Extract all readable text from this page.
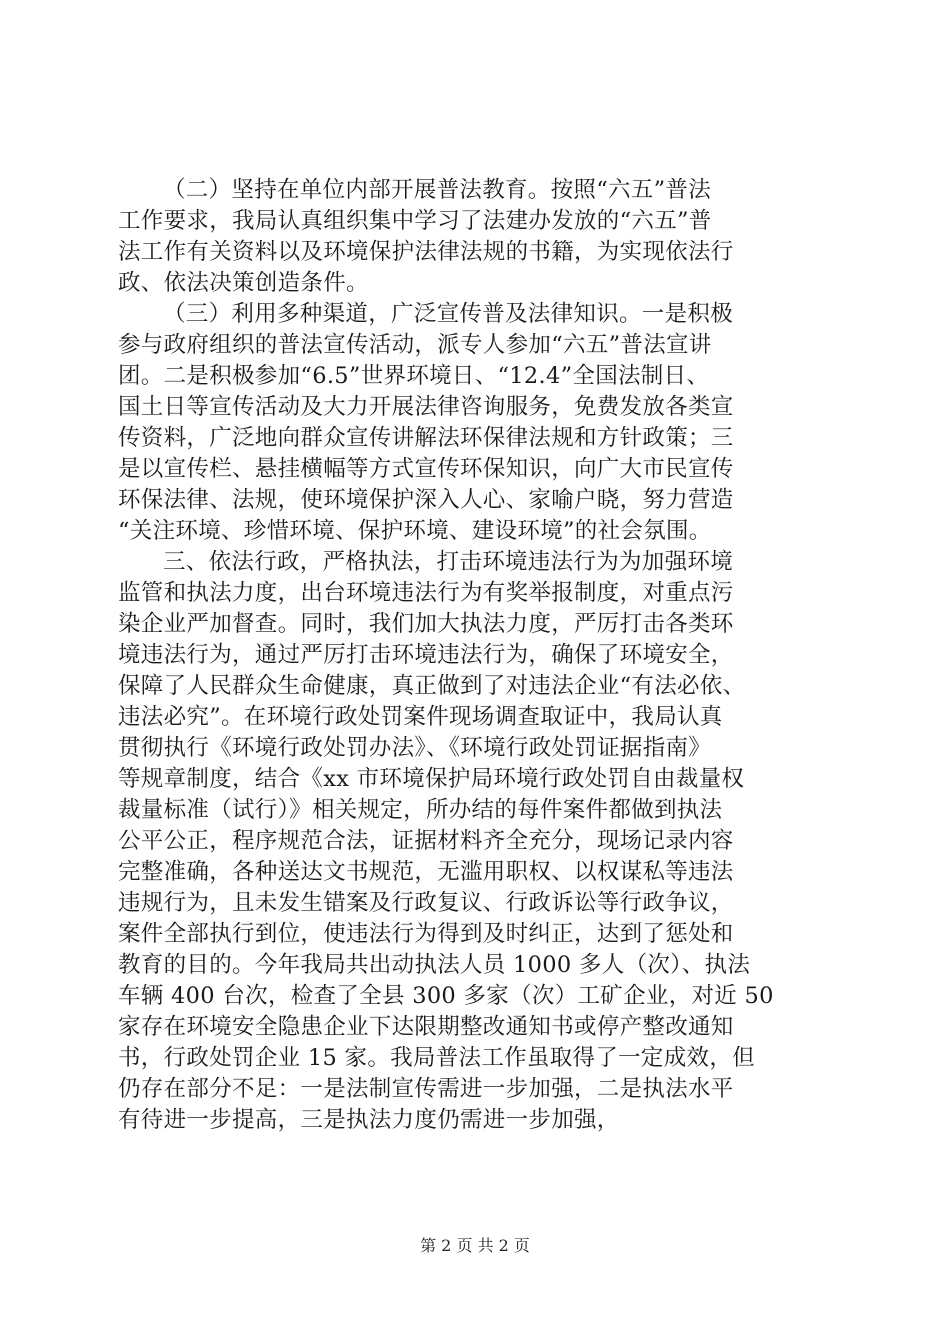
（二）坚持在单位内部开展普法教育。按照“六五”普法
工作要求，我局认真组织集中学习了法建办发放的“六五”普
法工作有关资料以及环境保护法律法规的书籍，为实现依法行
政、依法决策创造条件。
（三）利用多种渠道，广泛宣传普及法律知识。一是积极
参与政府组织的普法宣传活动，派专人参加“六五”普法宣讲
团。二是积极参加“6.5”世界环境日、“12.4”全国法制日、
国土日等宣传活动及大力开展法律咨询服务，免费发放各类宣
传资料，广泛地向群众宣传讲解法环保律法规和方针政策；三
是以宣传栏、悬挂横幅等方式宣传环保知识，向广大市民宣传
环保法律、法规，使环境保护深入人心、家喻户晓，努力营造
“关注环境、珍惜环境、保护环境、建设环境”的社会氛围。
三、依法行政，严格执法，打击环境违法行为为加强环境
监管和执法力度，出台环境违法行为有奖举报制度，对重点污
染企业严加督查。同时，我们加大执法力度，严厉打击各类环
境违法行为，通过严厉打击环境违法行为，确保了环境安全，
保障了人民群众生命健康，真正做到了对违法企业“有法必依、
违法必究”。在环境行政处罚案件现场调查取证中，我局认真
贯彻执行《环境行政处罚办法》、《环境行政处罚证据指南》
等规章制度，结合《xx 市环境保护局环境行政处罚自由裁量权
裁量标准（试行）》相关规定，所办结的每件案件都做到执法
公平公正，程序规范合法，证据材料齐全充分，现场记录内容
完整准确，各种送达文书规范，无滥用职权、以权谋私等违法
违规行为，且未发生错案及行政复议、行政诉讼等行政争议，
案件全部执行到位，使违法行为得到及时纠正，达到了惩处和
教育的目的。今年我局共出动执法人员 1000 多人（次）、执法
车辆 400 台次，检查了全县 300 多家（次）工矿企业，对近 50
家存在环境安全隐患企业下达限期整改通知书或停产整改通知
书，行政处罚企业 15 家。我局普法工作虽取得了一定成效，但
仍存在部分不足：一是法制宣传需进一步加强，二是执法水平
有待进一步提高，三是执法力度仍需进一步加强，
第 2 页 共 2 页
